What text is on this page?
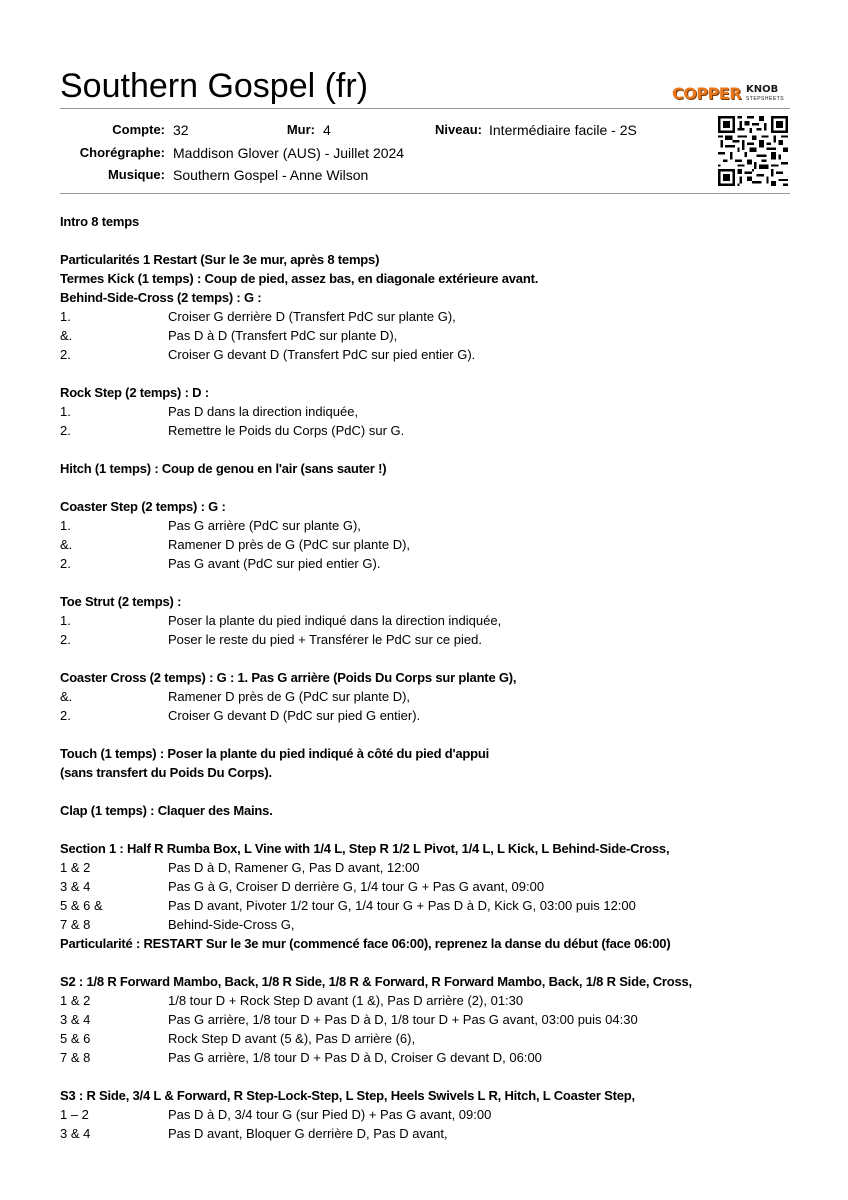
Southern Gospel (fr)	COPPER KNOB
STEPSHEETS
Compte: 32	Mur: 4	Niveau: Intermédiaire facile - 2S
Chorégraphe: Maddison Glover (AUS) - Juillet 2024
Musique: Southern Gospel - Anne Wilson
Intro 8 temps
Particularités 1 Restart (Sur le 3e mur, après 8 temps)
Termes Kick (1 temps) : Coup de pied, assez bas, en diagonale extérieure avant.
Behind-Side-Cross (2 temps) : G :
1.	Croiser G derrière D (Transfert PdC sur plante G),
&.	Pas D à D (Transfert PdC sur plante D),
2.	Croiser G devant D (Transfert PdC sur pied entier G).
Rock Step (2 temps) : D :
1.	Pas D dans la direction indiquée,
2.	Remettre le Poids du Corps (PdC) sur G.
Hitch (1 temps) : Coup de genou en l'air (sans sauter !)
Coaster Step (2 temps) : G :
1.	Pas G arrière (PdC sur plante G),
&.	Ramener D près de G (PdC sur plante D),
2.	Pas G avant (PdC sur pied entier G).
Toe Strut (2 temps) :
1.	Poser la plante du pied indiqué dans la direction indiquée,
2.	Poser le reste du pied + Transférer le PdC sur ce pied.
Coaster Cross (2 temps) : G : 1. Pas G arrière (Poids Du Corps sur plante G),
&.	Ramener D près de G (PdC sur plante D),
2.	Croiser G devant D (PdC sur pied G entier).
Touch (1 temps) : Poser la plante du pied indiqué à côté du pied d'appui
(sans transfert du Poids Du Corps).
Clap (1 temps) : Claquer des Mains.
Section 1 : Half R Rumba Box, L Vine with 1/4 L, Step R 1/2 L Pivot, 1/4 L, L Kick, L Behind-Side-Cross,
1 & 2	Pas D à D, Ramener G, Pas D avant, 12:00
3 & 4	Pas G à G, Croiser D derrière G, 1/4 tour G + Pas G avant, 09:00
5 & 6 &	Pas D avant, Pivoter 1/2 tour G, 1/4 tour G + Pas D à D, Kick G, 03:00 puis 12:00
7 & 8	Behind-Side-Cross G,
Particularité : RESTART Sur le 3e mur (commencé face 06:00), reprenez la danse du début (face 06:00)
S2 : 1/8 R Forward Mambo, Back, 1/8 R Side, 1/8 R & Forward, R Forward Mambo, Back, 1/8 R Side, Cross,
1 & 2	1/8 tour D + Rock Step D avant (1 &), Pas D arrière (2), 01:30
3 & 4	Pas G arrière, 1/8 tour D + Pas D à D, 1/8 tour D + Pas G avant, 03:00 puis 04:30
5 & 6	Rock Step D avant (5 &), Pas D arrière (6),
7 & 8	Pas G arrière, 1/8 tour D + Pas D à D, Croiser G devant D, 06:00
S3 : R Side, 3/4 L & Forward, R Step-Lock-Step, L Step, Heels Swivels L R, Hitch, L Coaster Step,
1 – 2	Pas D à D, 3/4 tour G (sur Pied D) + Pas G avant, 09:00
3 & 4	Pas D avant, Bloquer G derrière D, Pas D avant,
